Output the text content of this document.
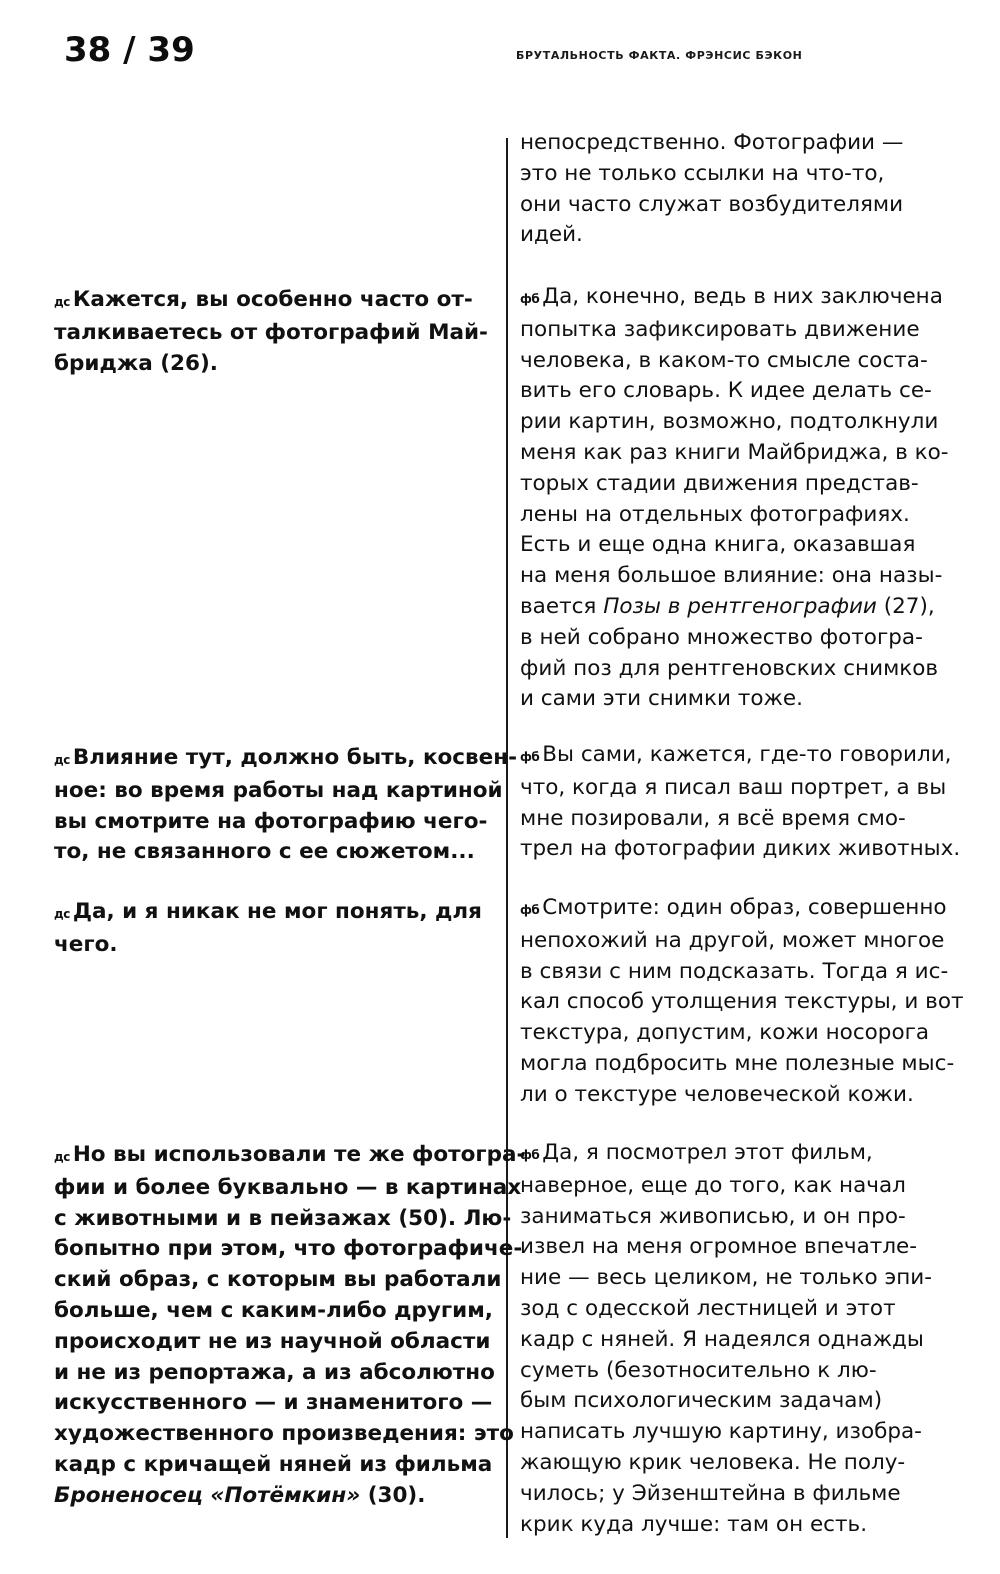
38 / 39	БРУТАЛЬНОСТЬ ФАКТА. ФРЭНСИС БЭКОН

дс Кажется, вы особенно часто от-
талкиваетесь от фотографий Май-
бриджа (26).

дс Влияние тут, должно быть, косвен-
ное: во время работы над картиной
вы смотрите на фотографию чего-
то, не связанного с ее сюжетом...

дс Да, и я никак не мог понять, для
чего.

дс Но вы использовали те же фотогра-
фии и более буквально — в картинах
с животными и в пейзажах (50). Лю-
бопытно при этом, что фотографиче-
ский образ, с которым вы работали
больше, чем с каким-либо другим,
происходит не из научной области
и не из репортажа, а из абсолютно
искусственного — и знаменитого —
художественного произведения: это
кадр с кричащей няней из фильма
Броненосец «Потёмкин» (30).

непосредственно. Фотографии —
это не только ссылки на что-то,
они часто служат возбудителями
идей.

фб Да, конечно, ведь в них заключена
попытка зафиксировать движение
человека, в каком-то смысле соста-
вить его словарь. К идее делать се-
рии картин, возможно, подтолкнули
меня как раз книги Майбриджа, в ко-
торых стадии движения представ-
лены на отдельных фотографиях.
Есть и еще одна книга, оказавшая
на меня большое влияние: она назы-
вается Позы в рентгенографии (27),
в ней собрано множество фотогра-
фий поз для рентгеновских снимков
и сами эти снимки тоже.

фб Вы сами, кажется, где-то говорили,
что, когда я писал ваш портрет, а вы
мне позировали, я всё время смо-
трел на фотографии диких животных.

фб Смотрите: один образ, совершенно
непохожий на другой, может многое
в связи с ним подсказать. Тогда я ис-
кал способ утолщения текстуры, и вот
текстура, допустим, кожи носорога
могла подбросить мне полезные мыс-
ли о текстуре человеческой кожи.

фб Да, я посмотрел этот фильм,
наверное, еще до того, как начал
заниматься живописью, и он про-
извел на меня огромное впечатле-
ние — весь целиком, не только эпи-
зод с одесской лестницей и этот
кадр с няней. Я надеялся однажды
суметь (безотносительно к лю-
бым психологическим задачам)
написать лучшую картину, изобра-
жающую крик человека. Не полу-
чилось; у Эйзенштейна в фильме
крик куда лучше: там он есть.
